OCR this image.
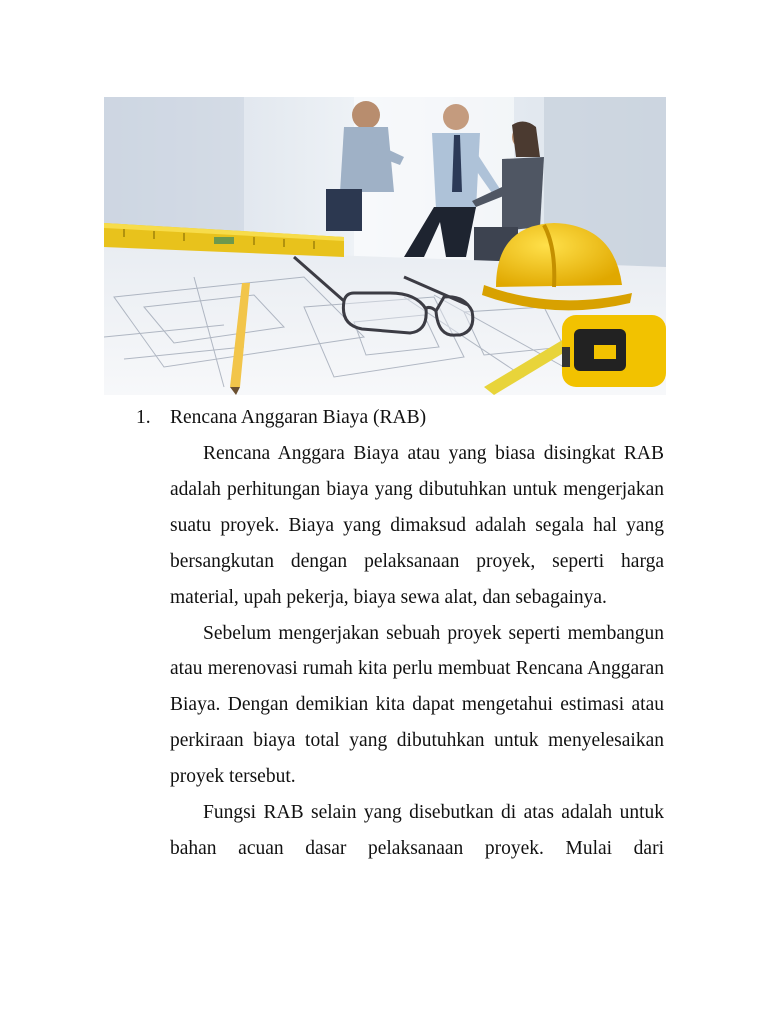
1. Rencana Anggaran Biaya (RAB)

Rencana Anggara Biaya atau yang biasa disingkat RAB adalah perhitungan biaya yang dibutuhkan untuk mengerjakan suatu proyek. Biaya yang dimaksud adalah segala hal yang bersangkutan dengan pelaksanaan proyek, seperti harga material, upah pekerja, biaya sewa alat, dan sebagainya.

Sebelum mengerjakan sebuah proyek seperti membangun atau merenovasi rumah kita perlu membuat Rencana Anggaran Biaya. Dengan demikian kita dapat mengetahui estimasi atau perkiraan biaya total yang dibutuhkan untuk menyelesaikan proyek tersebut.

Fungsi RAB selain yang disebutkan di atas adalah untuk bahan acuan dasar pelaksanaan proyek. Mulai dari
